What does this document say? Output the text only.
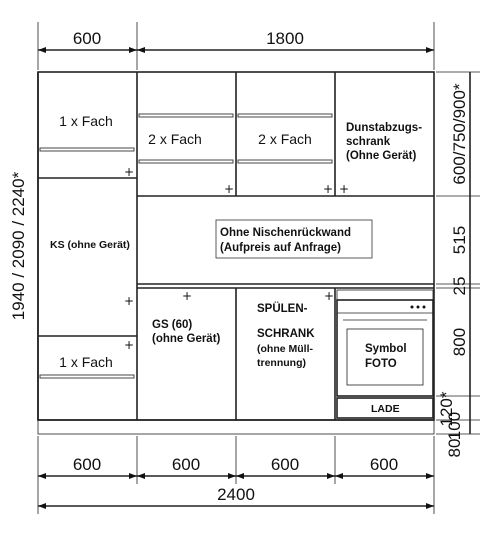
600	1800
1940 / 2090 / 2240*
1 x Fach
+
2 x Fach
+
2 x Fach
+
Dunstabzugs-
schrank
(Ohne Gerät)
+
KS (ohne Gerät)
+
Ohne Nischenrückwand
(Aufpreis auf Anfrage)
1 x Fach
+
GS (60)
(ohne Gerät)
+
SPÜLEN-
SCHRANK
(ohne Müll-
trennung)
+
Symbol
FOTO
LADE
600/750/900*
515
25
800
120*
100
80
600	600	600	600
2400
